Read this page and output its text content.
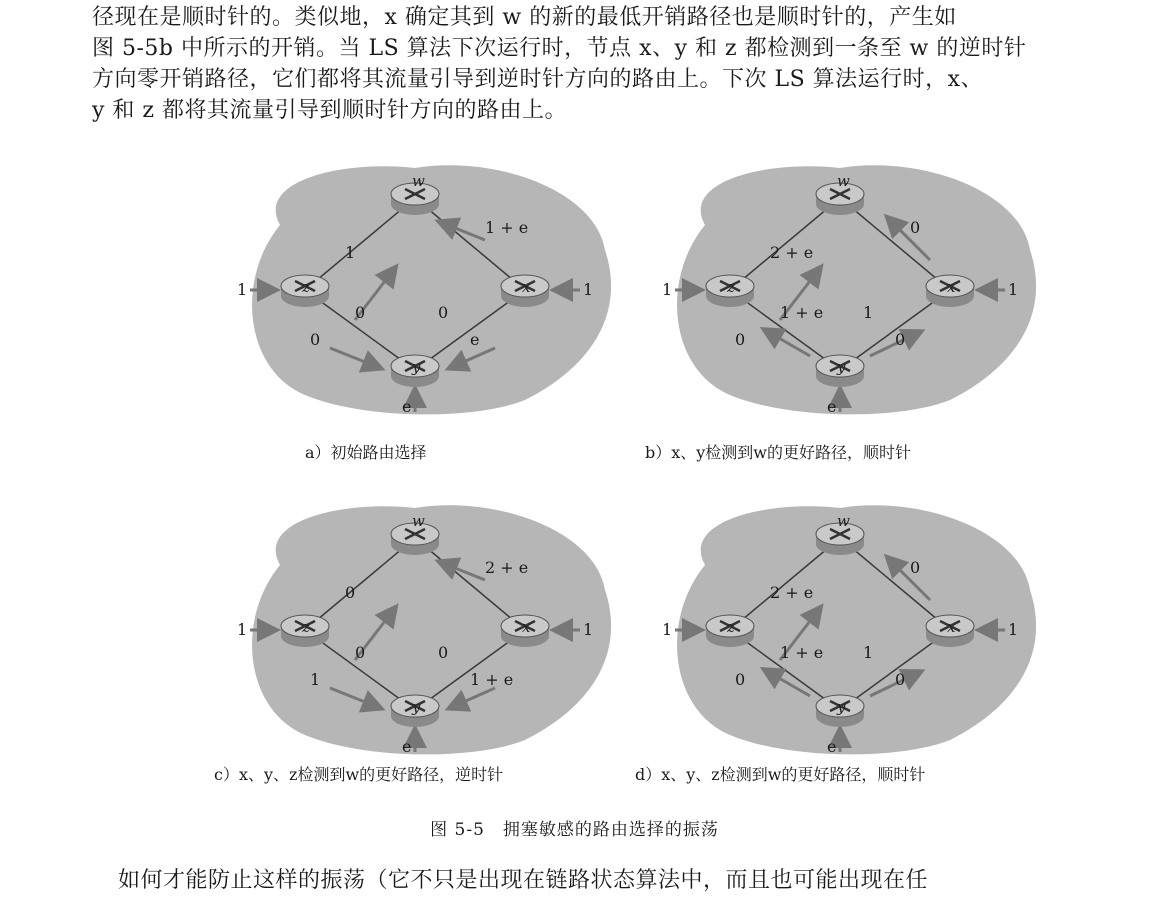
径现在是顺时针的。类似地，x 确定其到 w 的新的最低开销路径也是顺时针的，产生如
图 5-5b 中所示的开销。当 LS 算法下次运行时，节点 x、y 和 z 都检测到一条至 w 的逆时针
方向零开销路径，它们都将其流量引导到逆时针方向的路由上。下次 LS 算法运行时，x、
y 和 z 都将其流量引导到顺时针方向的路由上。

w
z	x
y
1 + e
1
0
0	0
e
1	1
e
w
z	x
y
0
2 + e
0
1 + e 1
0
1	1
e
w
z	x
y
2 + e
0
1
0	0
1 + e
1	1
e
w
z	x
y
0
2 + e
0
1 + e 1
0
1	1
e
a）初始路由选择	b）x、y检测到w的更好路径，顺时针
c）x、y、z检测到w的更好路径，逆时针	d）x、y、z检测到w的更好路径，顺时针
图 5-5　拥塞敏感的路由选择的振荡

如何才能防止这样的振荡（它不只是出现在链路状态算法中，而且也可能出现在任
